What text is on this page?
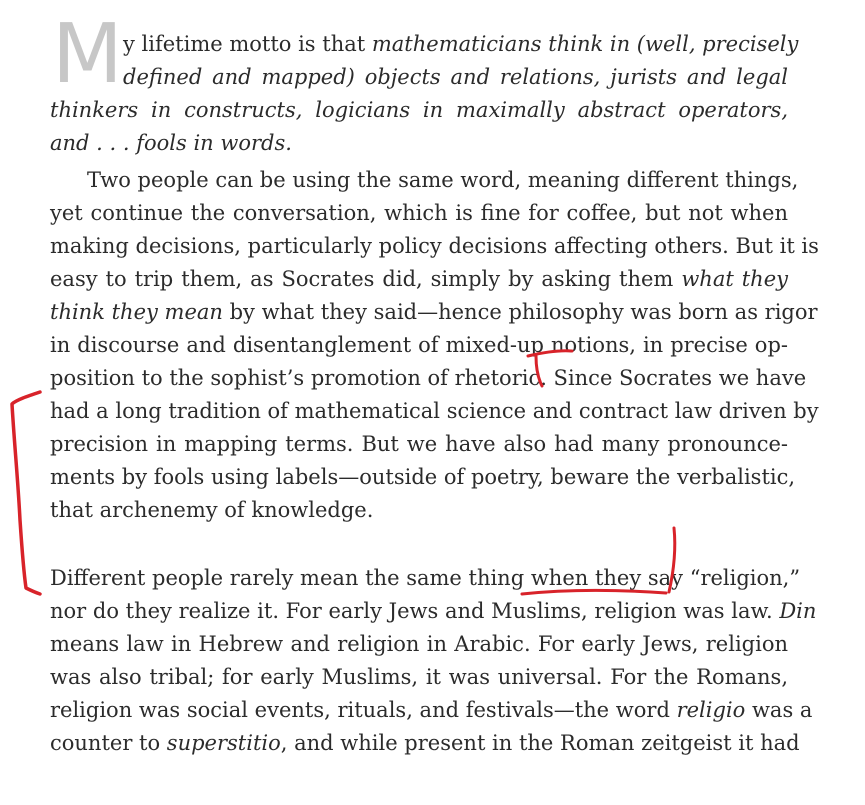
M y lifetime motto is that mathematicians think in (well, precisely
defined and mapped) objects and relations, jurists and legal
thinkers in constructs, logicians in maximally abstract operators,
and . . . fools in words.
Two people can be using the same word, meaning different things,
yet continue the conversation, which is fine for coffee, but not when
making decisions, particularly policy decisions affecting others. But it is
easy to trip them, as Socrates did, simply by asking them what they
think they mean by what they said—hence philosophy was born as rigor
in discourse and disentanglement of mixed-up notions, in precise op-
position to the sophist’s promotion of rhetoric. Since Socrates we have
had a long tradition of mathematical science and contract law driven by
precision in mapping terms. But we have also had many pronounce-
ments by fools using labels—outside of poetry, beware the verbalistic,
that archenemy of knowledge.
Different people rarely mean the same thing when they say “religion,”
nor do they realize it. For early Jews and Muslims, religion was law. Din
means law in Hebrew and religion in Arabic. For early Jews, religion
was also tribal; for early Muslims, it was universal. For the Romans,
religion was social events, rituals, and festivals—the word religio was a
counter to superstitio, and while present in the Roman zeitgeist it had
